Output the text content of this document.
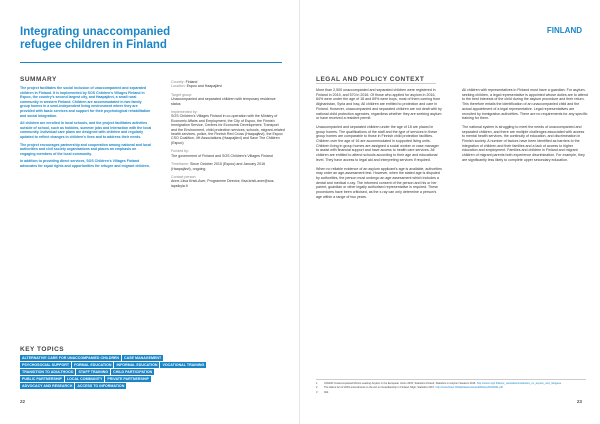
Integrating unaccompanied refugee children in Finland
SUMMARY

The project facilitates the social inclusion of unaccompanied and separated children in Finland. It is implemented by SOS Children's Villages Finland in Espoo, the country's second largest city, and Haapajärvi, a small rural community in western Finland. Children are accommodated in two family group homes in a semi-independent living environment where they are provided with basic services and support for their psychological rehabilitation and social integration.

All children are enrolled in local schools, and the project facilitates activities outside of school, such as hobbies, summer jobs and interaction with the local community. Individual care plans are designed with children and regularly updated to reflect changes in children's lives and to address their needs.

The project encourages partnership and cooperation among national and local authorities and civil society organisations and places an emphasis on engaging members of the local community.

In addition to providing direct services, SOS Children's Villages Finland advocates for equal rights and opportunities for refugee and migrant children.

Country: Finland

Location: Espoo and Haapajärvi

Target group:

Unaccompanied and separated children with temporary residence status

Implemented by:

SOS Children's Villages Finland in co-operation with the Ministry of Economic Affairs and Employment, the City of Espoo, the Finnish Immigration Service, Centres for Economic Development, Transport and the Environment, child protection services, schools, migrant-related health services, police, the Finnish Red Cross (Haapajärvi), the Espoo CSO Coalition, 4H Associations (Haapajärvi) and Save The Children (Espoo)

Funded by:

The government of Finland and SOS Children's Villages Finland

Timeframe: Since October 2015 (Espoo) and January 2016 (Haapajärvi), ongoing

Contact person:

Anne-Liisa Kristi-Aver, Programme Director, liisa.kristi-aver@sos-lapsikyla.fi

KEY TOPICS
ALTERNATIVE CARE FOR UNACCOMPANIED CHILDREN	CASE MANAGEMENT
PSYCHOSOCIAL SUPPORT	FORMAL EDUCATION	INFORMAL EDUCATION	VOCATIONAL TRAINING
TRANSITION TO ADULTHOOD	STAFF TRAINING	CHILD PARTICIPATION
PUBLIC PARTNERSHIP	LOCAL COMMUNITY	PRIVATE PARTNERSHIP
ADVOCACY AND RESEARCH	ACCESS TO INFORMATION
22
FINLAND
LEGAL AND POLICY CONTEXT

More than 2,500 unaccompanied and separated children were registered in Finland in 2015, and 570 in 2016. Of those who applied for asylum in 2016, 84% were under the age of 18 and 69% were boys, most of them coming from Afghanistan, Syria and Iraq. All children are entitled to protection and care in Finland. However, unaccompanied and separated children are not dealt with by national child protection agencies, regardless whether they are seeking asylum or have received a resident permit.

Unaccompanied and separated children under the age of 18 are placed in group homes. The qualifications of the staff and the type of services in these group homes are comparable to those in Finnish child protection facilities. Children over the age of 16 are accommodated in supported living units. Children living in group homes are assigned a social worker or case manager to assist with financial support and have access to health care services. All children are entitled to attend schools according to their age and educational level. They have access to legal aid and interpreting services if required.

When no reliable evidence of an asylum applicant's age is available, authorities may order an age-assessment test. However, when the stated age is disputed by authorities, the person must undergo an age assessment which includes a dental and medical x-ray. The informed consent of the person and his or her parent, guardian or other legally authorised representative is required. These procedures have been criticised, as the x-ray can only determine a person's age within a range of two years.

All children with representatives in Finland must have a guardian. For asylum-seeking children, a legal representative is appointed whose duties are to attend to the best interests of the child during the asylum procedure and their return. This therefore entails the identification of an unaccompanied child and the actual appointment of a legal representative. Legal representatives are recruited by immigration authorities. There are no requirements for any specific training for them.

The national system is struggling to meet the needs of unaccompanied and separated children, and there are multiple challenges associated with access to mental health services, the continuity of education, and discrimination in Finnish society. A number of factors have been identified as barriers to the integration of children and their families and a lack of access to higher education and employment. Families and children in Finland and migrant children of migrant parents both experience discrimination. For example, they are significantly less likely to complete upper secondary education.

1	UNHCR Unaccompanied Minors seeking Asylum in the European Union 2015, Statistics Finland, Statistics on Asylum Seekers 2016. http://www.migri.fi/about_us/statistics/statistics_on_asylum_and_refugees
2	The Aliens Act of 2004 amendments to the Act on Guardianship in Finland, Migri, Statistics 2017. http://www.finlex.fi/fi/laki/kaannokset/2004/en20040301.pdf
3	Ibid.
23
